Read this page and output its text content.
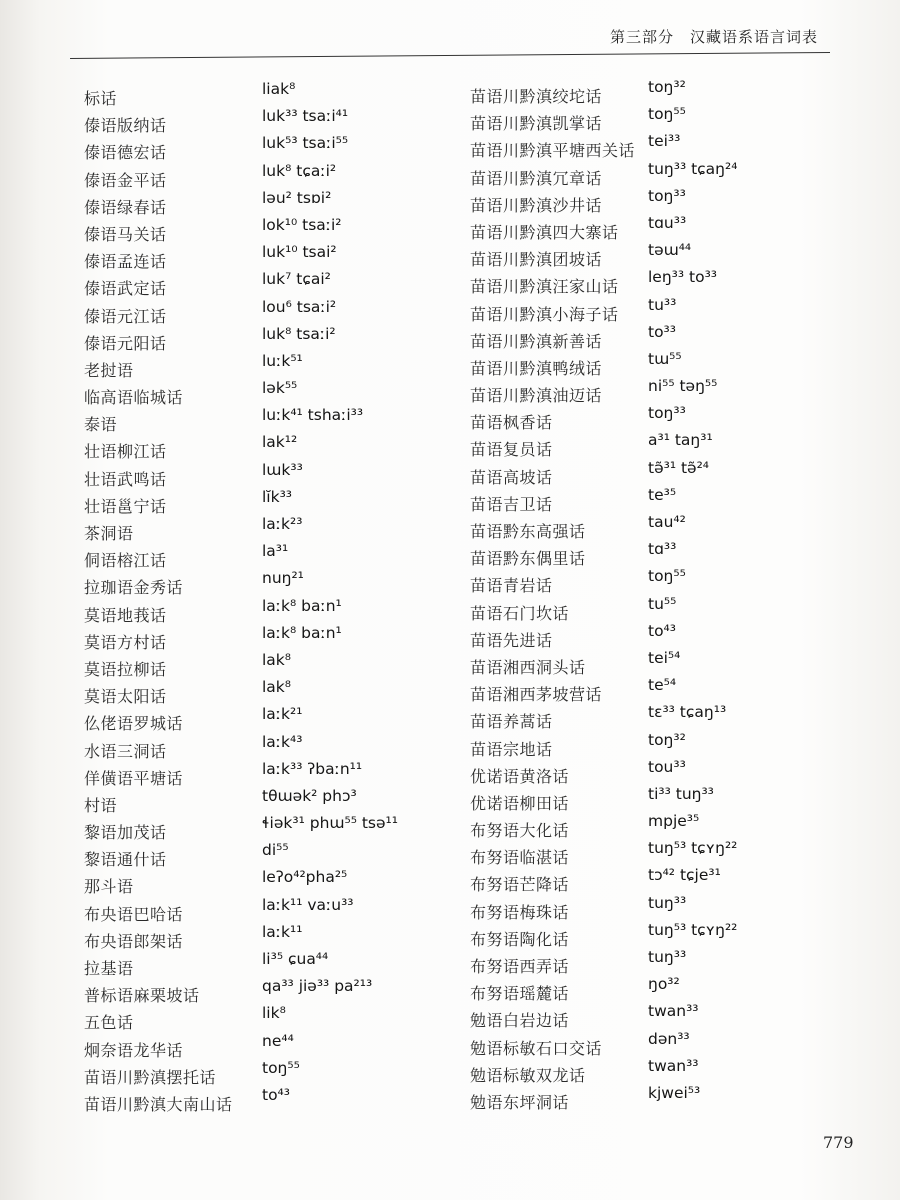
第三部分　汉藏语系语言词表
标话	liak⁸
傣语版纳话	luk³³ tsaːi⁴¹
傣语德宏话	luk⁵³ tsaːi⁵⁵
傣语金平话	luk⁸ tɕaːi²
傣语绿春话	ləu² tsɒi²
傣语马关话	lok¹⁰ tsaːi²
傣语孟连话	luk¹⁰ tsai²
傣语武定话	luk⁷ tɕai²
傣语元江话	lou⁶ tsaːi²
傣语元阳话	luk⁸ tsaːi²
老挝语	luːk⁵¹
临高语临城话	lək⁵⁵
泰语	luːk⁴¹ tshaːi³³
壮语柳江话	lak¹²
壮语武鸣话	lɯk³³
壮语邕宁话	lĭk³³
茶洞语	laːk²³
侗语榕江话	la³¹
拉珈语金秀话	nuŋ²¹
莫语地莪话	laːk⁸ baːn¹
莫语方村话	laːk⁸ baːn¹
莫语拉柳话	lak⁸
莫语太阳话	lak⁸
仫佬语罗城话	laːk²¹
水语三洞话	laːk⁴³
佯僙语平塘话	laːk³³ ʔbaːn¹¹
村语	tθɯək² phɔ³
黎语加茂话	ɬiək³¹ phɯ⁵⁵ tsə¹¹
黎语通什话	di⁵⁵
那斗语	leʔo⁴²pha²⁵
布央语巴哈话	laːk¹¹ vaːu³³
布央语郎架话	laːk¹¹
拉基语	li³⁵ ɕua⁴⁴
普标语麻栗坡话	qa³³ jiə³³ pa²¹³
五色话	lik⁸
炯奈语龙华话	ne⁴⁴
苗语川黔滇摆托话	toŋ⁵⁵
苗语川黔滇大南山话 to⁴³
苗语川黔滇绞坨话	toŋ³²
苗语川黔滇凯掌话	toŋ⁵⁵
苗语川黔滇平塘西关话 tei³³
苗语川黔滇冗章话	tuŋ³³ tɕaŋ²⁴
苗语川黔滇沙井话	toŋ³³
苗语川黔滇四大寨话 tɑu³³
苗语川黔滇团坡话	təɯ⁴⁴
苗语川黔滇汪家山话 leŋ³³ to³³
苗语川黔滇小海子话 tu³³
苗语川黔滇新善话	to³³
苗语川黔滇鸭绒话	tɯ⁵⁵
苗语川黔滇油迈话	ni⁵⁵ təŋ⁵⁵
苗语枫香话	toŋ³³
苗语复员话	a³¹ taŋ³¹
苗语高坡话	tə̃³¹ tə̃²⁴
苗语吉卫话	te³⁵
苗语黔东高强话	tau⁴²
苗语黔东偶里话	tɑ³³
苗语青岩话	toŋ⁵⁵
苗语石门坎话	tu⁵⁵
苗语先进话	to⁴³
苗语湘西洞头话	tei⁵⁴
苗语湘西茅坡营话	te⁵⁴
苗语养蒿话	tɛ³³ tɕaŋ¹³
苗语宗地话	toŋ³²
优诺语黄洛话	tou³³
优诺语柳田话	ti³³ tuŋ³³
布努语大化话	mpje³⁵
布努语临湛话	tuŋ⁵³ tɕʏŋ²²
布努语芒降话	tɔ⁴² tɕje³¹
布努语梅珠话	tuŋ³³
布努语陶化话	tuŋ⁵³ tɕʏŋ²²
布努语西弄话	tuŋ³³
布努语瑶麓话	ŋo³²
勉语白岩边话	twan³³
勉语标敏石口交话	dən³³
勉语标敏双龙话	twan³³
勉语东坪洞话	kjwei⁵³
779
